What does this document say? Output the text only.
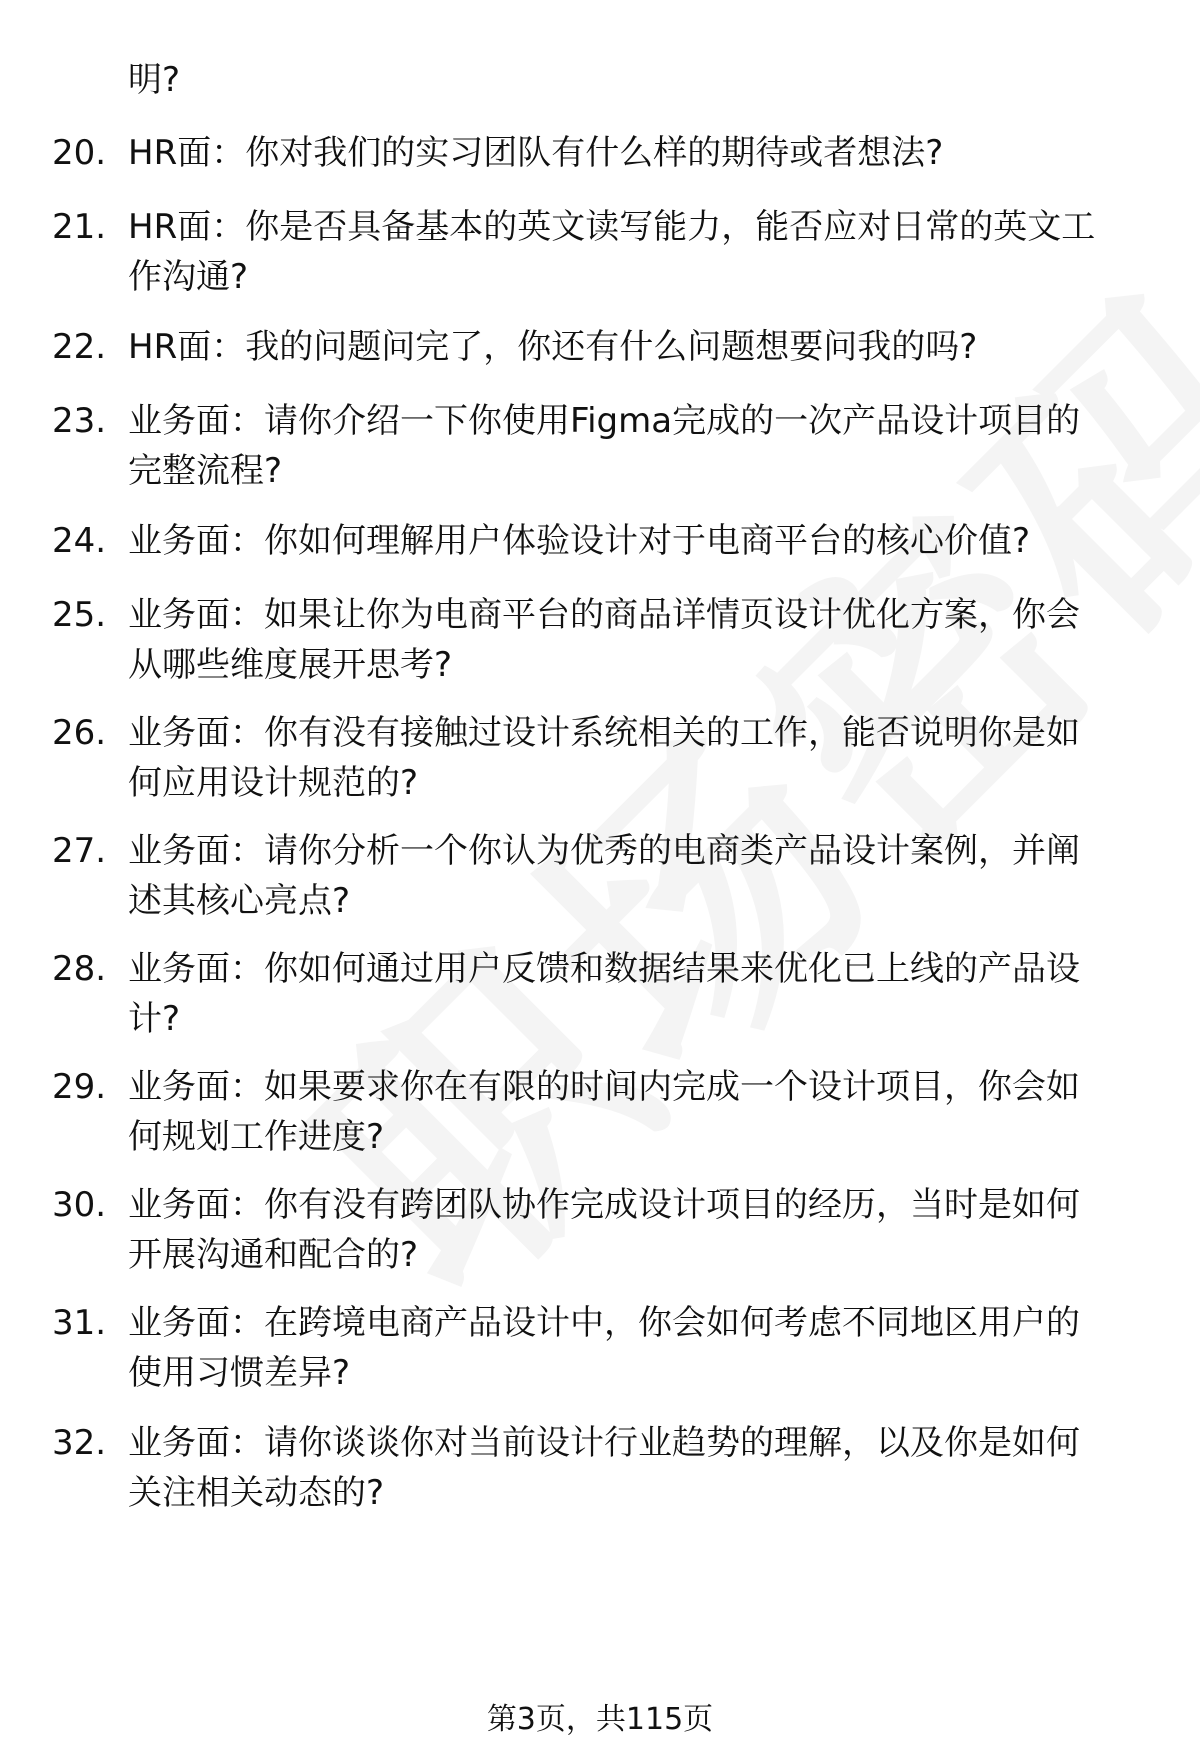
明?
20. HR面：你对我们的实习团队有什么样的期待或者想法?
21. HR面：你是否具备基本的英文读写能力，能否应对日常的英文工
作沟通?
22. HR面：我的问题问完了，你还有什么问题想要问我的吗?
23. 业务面：请你介绍一下你使用Figma完成的一次产品设计项目的
完整流程?
24. 业务面：你如何理解用户体验设计对于电商平台的核心价值?
25. 业务面：如果让你为电商平台的商品详情页设计优化方案，你会
从哪些维度展开思考?
26. 业务面：你有没有接触过设计系统相关的工作，能否说明你是如
何应用设计规范的?
27. 业务面：请你分析一个你认为优秀的电商类产品设计案例，并阐
述其核心亮点?
28. 业务面：你如何通过用户反馈和数据结果来优化已上线的产品设
计?
29. 业务面：如果要求你在有限的时间内完成一个设计项目，你会如
何规划工作进度?
30. 业务面：你有没有跨团队协作完成设计项目的经历，当时是如何
开展沟通和配合的?
31. 业务面：在跨境电商产品设计中，你会如何考虑不同地区用户的
使用习惯差异?
32. 业务面：请你谈谈你对当前设计行业趋势的理解，以及你是如何
关注相关动态的?
第3页，共115页
